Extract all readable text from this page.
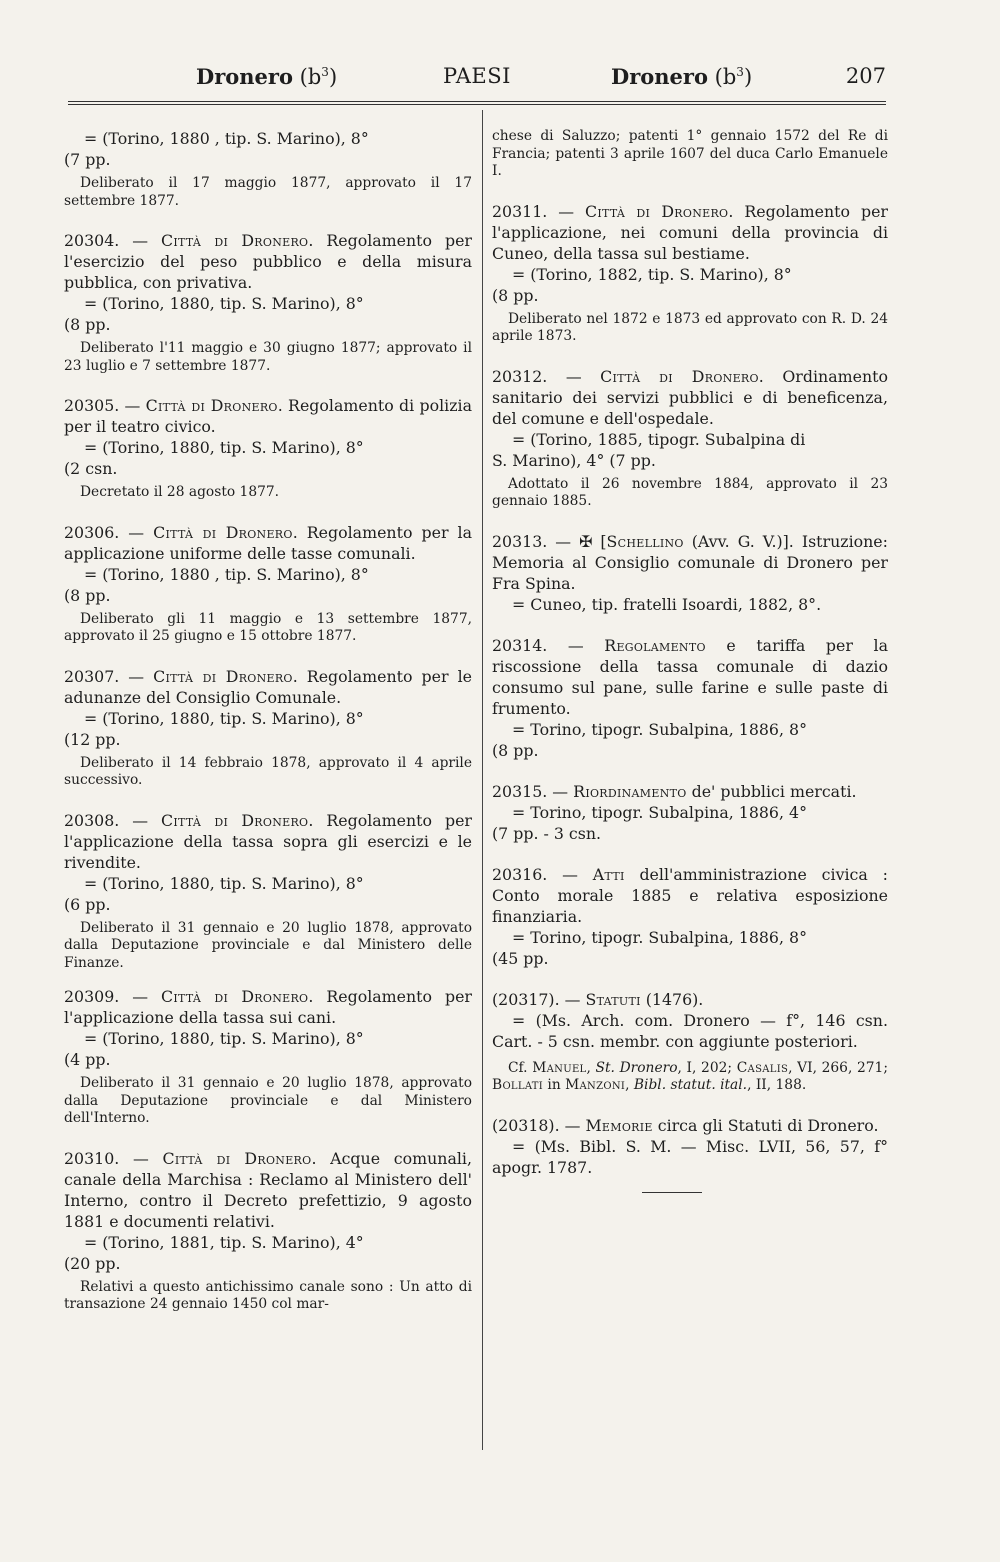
Dronero $(b^3)$	PAESI	Dronero $(b^3)$	207
= (Torino, 1880 , tip. S. Marino), 8°
(7 pp.
Deliberato il 17 maggio 1877, approvato il 17 settembre 1877.
20304. — Città di Dronero. Regolamento per l'esercizio del peso pubblico e della misura pubblica, con privativa.
= (Torino, 1880, tip. S. Marino), 8°
(8 pp.
Deliberato l'11 maggio e 30 giugno 1877; approvato il 23 luglio e 7 settembre 1877.
20305. — Città di Dronero. Regolamento di polizia per il teatro civico.
= (Torino, 1880, tip. S. Marino), 8°
(2 csn.
Decretato il 28 agosto 1877.
20306. — Città di Dronero. Regolamento per la applicazione uniforme delle tasse comunali.
= (Torino, 1880 , tip. S. Marino), 8°
(8 pp.
Deliberato gli 11 maggio e 13 settembre 1877, approvato il 25 giugno e 15 ottobre 1877.
20307. — Città di Dronero. Regolamento per le adunanze del Consiglio Comunale.
= (Torino, 1880, tip. S. Marino), 8°
(12 pp.
Deliberato il 14 febbraio 1878, approvato il 4 aprile successivo.
20308. — Città di Dronero. Regolamento per l'applicazione della tassa sopra gli esercizi e le rivendite.
= (Torino, 1880, tip. S. Marino), 8°
(6 pp.
Deliberato il 31 gennaio e 20 luglio 1878, approvato dalla Deputazione provinciale e dal Ministero delle Finanze.
20309. — Città di Dronero. Regolamento per l'applicazione della tassa sui cani.
= (Torino, 1880, tip. S. Marino), 8°
(4 pp.
Deliberato il 31 gennaio e 20 luglio 1878, approvato dalla Deputazione provinciale e dal Ministero dell'Interno.
20310. — Città di Dronero. Acque comunali, canale della Marchisa : Reclamo al Ministero dell' Interno, contro il Decreto prefettizio, 9 agosto 1881 e documenti relativi.
= (Torino, 1881, tip. S. Marino), 4°
(20 pp.
Relativi a questo antichissimo canale sono : Un atto di transazione 24 gennaio 1450 col mar-
chese di Saluzzo; patenti 1° gennaio 1572 del Re di Francia; patenti 3 aprile 1607 del duca Carlo Emanuele I.
20311. — Città di Dronero. Regolamento per l'applicazione, nei comuni della provincia di Cuneo, della tassa sul bestiame.
= (Torino, 1882, tip. S. Marino), 8°
(8 pp.
Deliberato nel 1872 e 1873 ed approvato con R. D. 24 aprile 1873.
20312. — Città di Dronero. Ordinamento sanitario dei servizi pubblici e di beneficenza, del comune e dell'ospedale.
= (Torino, 1885, tipogr. Subalpina di
S. Marino), 4° (7 pp.
Adottato il 26 novembre 1884, approvato il 23 gennaio 1885.
20313. — ✠ [Schellino (Avv. G. V.)]. Istruzione: Memoria al Consiglio comunale di Dronero per Fra Spina.
= Cuneo, tip. fratelli Isoardi, 1882, 8°.
20314. — Regolamento e tariffa per la riscossione della tassa comunale di dazio consumo sul pane, sulle farine e sulle paste di frumento.
= Torino, tipogr. Subalpina, 1886, 8°
(8 pp.
20315. — Riordinamento de' pubblici mercati.
= Torino, tipogr. Subalpina, 1886, 4°
(7 pp. - 3 csn.
20316. — Atti dell'amministrazione civica : Conto morale 1885 e relativa esposizione finanziaria.
= Torino, tipogr. Subalpina, 1886, 8°
(45 pp.
(20317). — Statuti (1476).
= (Ms. Arch. com. Dronero — f°, 146 csn. Cart. - 5 csn. membr. con aggiunte posteriori.
Cf. Manuel, St. Dronero, I, 202; Casalis, VI, 266, 271; Bollati in Manzoni, Bibl. statut. ital., II, 188.
(20318). — Memorie circa gli Statuti di Dronero.
= (Ms. Bibl. S. M. — Misc. LVII, 56, 57, f° apogr. 1787.
